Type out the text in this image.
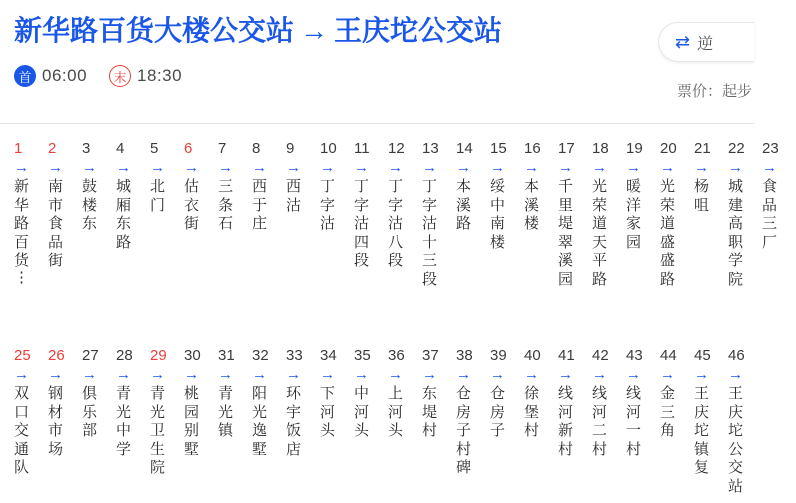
新华路百货大楼公交站 → 王庆坨公交站
首 06:00	末 18:30
⇄ 逆
票价：起步
1
→
新华路百货
⋮
2
→
南市食品街
3
→
鼓楼东
4
→
城厢东路
5
→
北门
6
→
估衣街
7
→
三条石
8
→
西于庄
9
→
西沽
10
→
丁字沽
11
→
丁字沽四段
12
→
丁字沽八段
13
→
丁字沽十三段
14
→
本溪路
15
→
绥中南楼
16
→
本溪楼
17
→
千里堤翠溪园
18
→
光荣道天平路
19
→
暖洋家园
20
→
光荣道盛盛路
21
→
杨咀
22
→
城建高职学院
23
→
食品三厂
25
→
双口交通队
26
→
钢材市场
27
→
俱乐部
28
→
青光中学
29
→
青光卫生院
30
→
桃园别墅
31
→
青光镇
32
→
阳光逸墅
33
→
环宇饭店
34
→
下河头
35
→
中河头
36
→
上河头
37
→
东堤村
38
→
仓房子村碑
39
→
仓房子
40
→
徐堡村
41
→
线河新村
42
→
线河二村
43
→
线河一村
44
→
金三角
45
→
王庆坨镇复
46
→
王庆坨公交站
